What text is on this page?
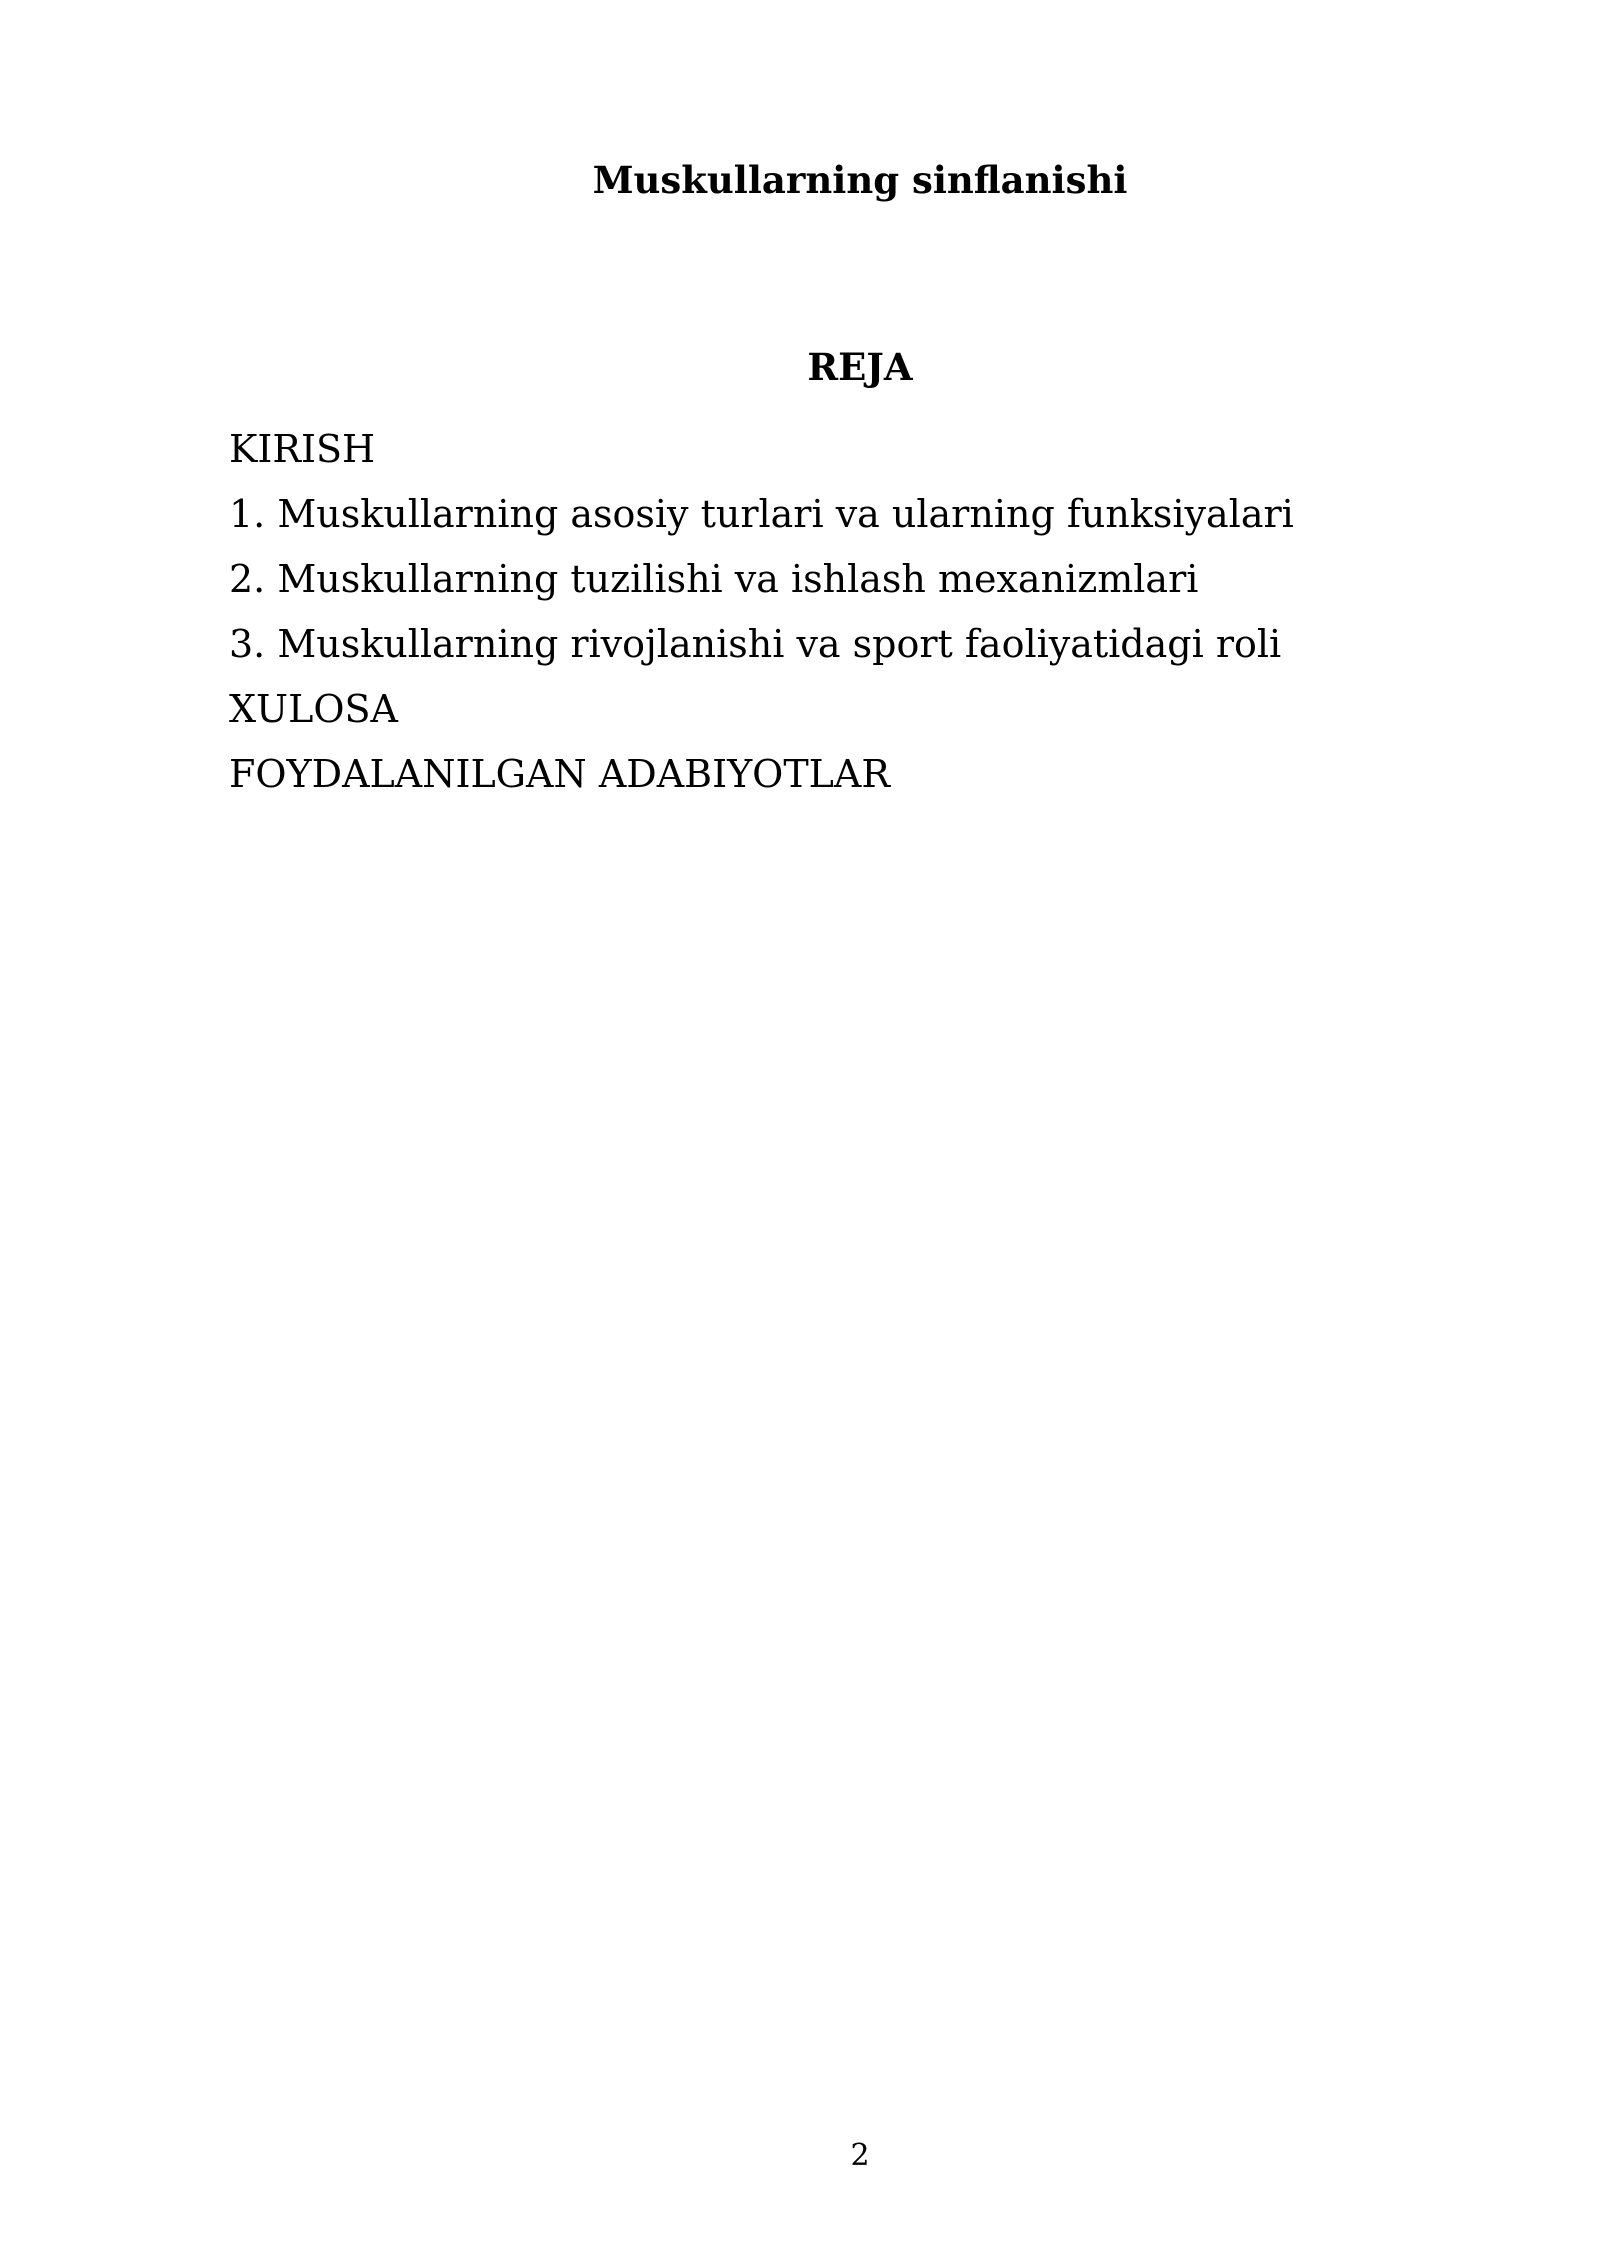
Muskullarning sinflanishi
REJA
KIRISH
1. Muskullarning asosiy turlari va ularning funksiyalari
2. Muskullarning tuzilishi va ishlash mexanizmlari
3. Muskullarning rivojlanishi va sport faoliyatidagi roli
XULOSA
FOYDALANILGAN ADABIYOTLAR
2
